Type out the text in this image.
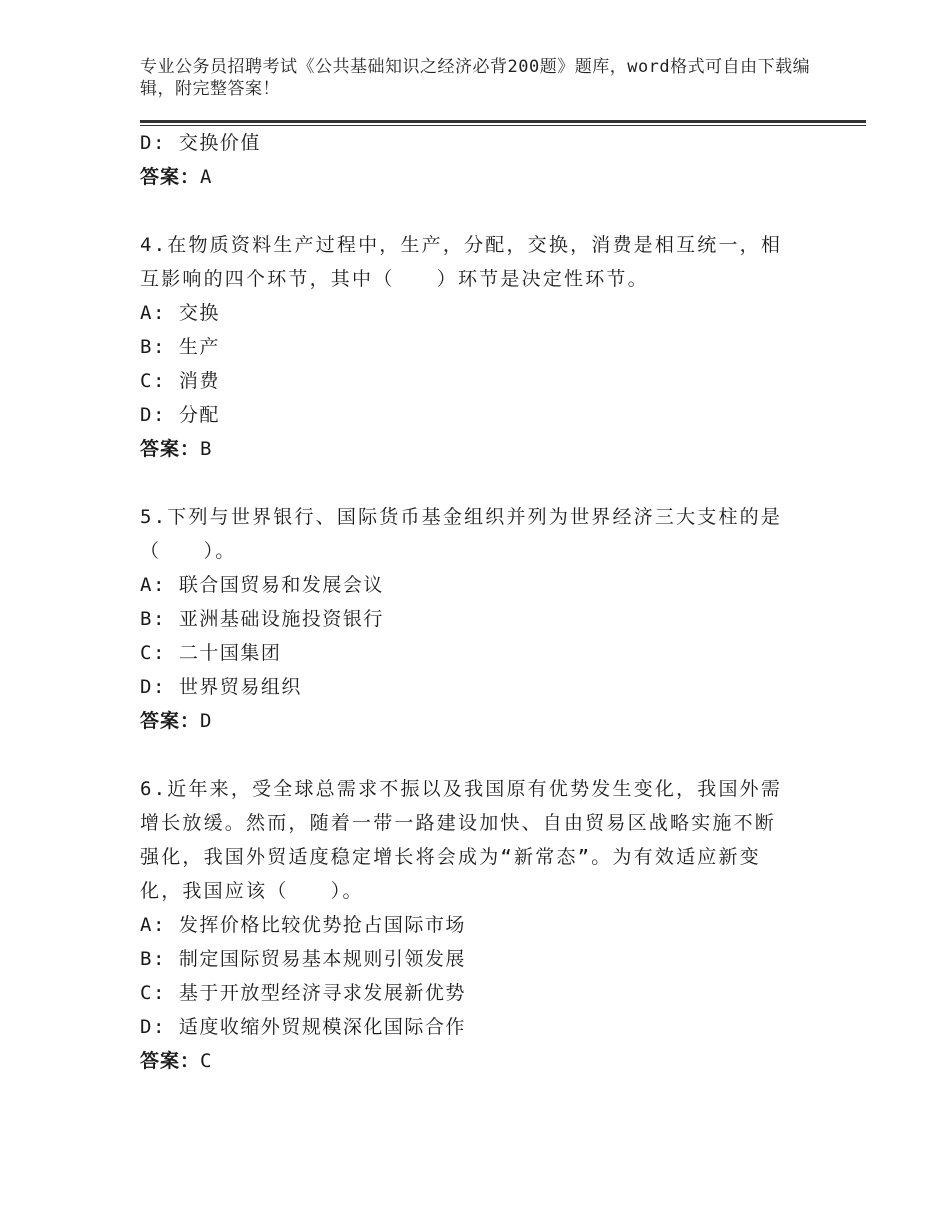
专业公务员招聘考试《公共基础知识之经济必背200题》题库，word格式可自由下载编辑，附完整答案！
D: 交换价值
答案：A
4.在物质资料生产过程中，生产，分配，交换，消费是相互统一，相
互影响的四个环节，其中（　　）环节是决定性环节。
A: 交换
B: 生产
C: 消费
D: 分配
答案：B
5.下列与世界银行、国际货币基金组织并列为世界经济三大支柱的是
（　　）。
A: 联合国贸易和发展会议
B: 亚洲基础设施投资银行
C: 二十国集团
D: 世界贸易组织
答案：D
6.近年来，受全球总需求不振以及我国原有优势发生变化，我国外需
增长放缓。然而，随着一带一路建设加快、自由贸易区战略实施不断
强化，我国外贸适度稳定增长将会成为“新常态”。为有效适应新变
化，我国应该（　　）。
A: 发挥价格比较优势抢占国际市场
B: 制定国际贸易基本规则引领发展
C: 基于开放型经济寻求发展新优势
D: 适度收缩外贸规模深化国际合作
答案：C
